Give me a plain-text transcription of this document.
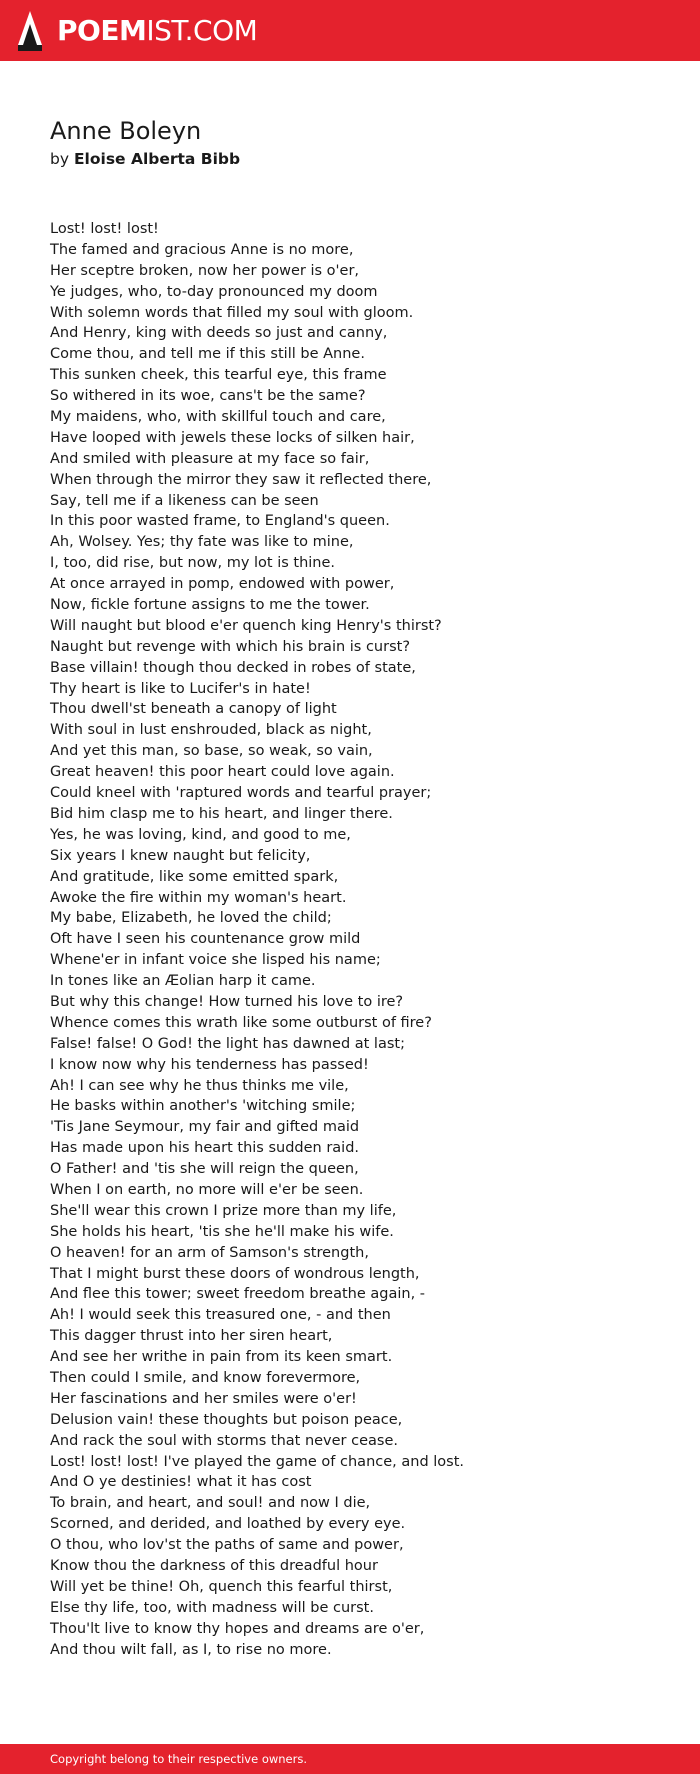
POEMIST.COM
Anne Boleyn
by Eloise Alberta Bibb
Lost! lost! lost!
The famed and gracious Anne is no more,
Her sceptre broken, now her power is o'er,
Ye judges, who, to-day pronounced my doom
With solemn words that filled my soul with gloom.
And Henry, king with deeds so just and canny,
Come thou, and tell me if this still be Anne.
This sunken cheek, this tearful eye, this frame
So withered in its woe, cans't be the same?
My maidens, who, with skillful touch and care,
Have looped with jewels these locks of silken hair,
And smiled with pleasure at my face so fair,
When through the mirror they saw it reflected there,
Say, tell me if a likeness can be seen
In this poor wasted frame, to England's queen.
Ah, Wolsey. Yes; thy fate was like to mine,
I, too, did rise, but now, my lot is thine.
At once arrayed in pomp, endowed with power,
Now, fickle fortune assigns to me the tower.
Will naught but blood e'er quench king Henry's thirst?
Naught but revenge with which his brain is curst?
Base villain! though thou decked in robes of state,
Thy heart is like to Lucifer's in hate!
Thou dwell'st beneath a canopy of light
With soul in lust enshrouded, black as night,
And yet this man, so base, so weak, so vain,
Great heaven! this poor heart could love again.
Could kneel with 'raptured words and tearful prayer;
Bid him clasp me to his heart, and linger there.
Yes, he was loving, kind, and good to me,
Six years I knew naught but felicity,
And gratitude, like some emitted spark,
Awoke the fire within my woman's heart.
My babe, Elizabeth, he loved the child;
Oft have I seen his countenance grow mild
Whene'er in infant voice she lisped his name;
In tones like an Æolian harp it came.
But why this change! How turned his love to ire?
Whence comes this wrath like some outburst of fire?
False! false! O God! the light has dawned at last;
I know now why his tenderness has passed!
Ah! I can see why he thus thinks me vile,
He basks within another's 'witching smile;
'Tis Jane Seymour, my fair and gifted maid
Has made upon his heart this sudden raid.
O Father! and 'tis she will reign the queen,
When I on earth, no more will e'er be seen.
She'll wear this crown I prize more than my life,
She holds his heart, 'tis she he'll make his wife.
O heaven! for an arm of Samson's strength,
That I might burst these doors of wondrous length,
And flee this tower; sweet freedom breathe again, -
Ah! I would seek this treasured one, - and then
This dagger thrust into her siren heart,
And see her writhe in pain from its keen smart.
Then could I smile, and know forevermore,
Her fascinations and her smiles were o'er!
Delusion vain! these thoughts but poison peace,
And rack the soul with storms that never cease.
Lost! lost! lost! I've played the game of chance, and lost.
And O ye destinies! what it has cost
To brain, and heart, and soul! and now I die,
Scorned, and derided, and loathed by every eye.
O thou, who lov'st the paths of same and power,
Know thou the darkness of this dreadful hour
Will yet be thine! Oh, quench this fearful thirst,
Else thy life, too, with madness will be curst.
Thou'lt live to know thy hopes and dreams are o'er,
And thou wilt fall, as I, to rise no more.
Copyright belong to their respective owners.
